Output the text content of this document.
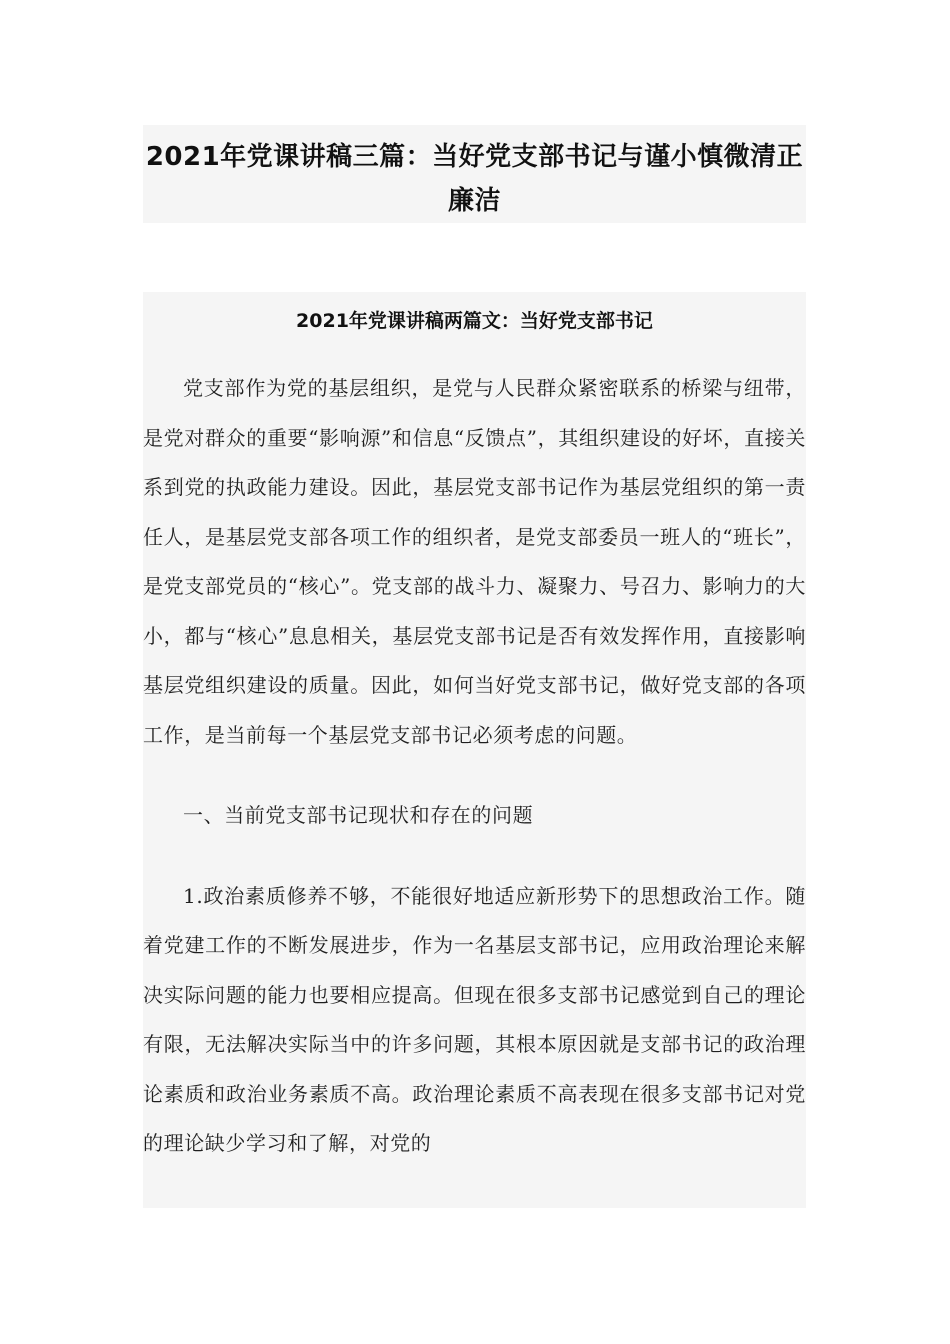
2021年党课讲稿三篇：当好党支部书记与谨小慎微清正廉洁
2021年党课讲稿两篇文：当好党支部书记

党支部作为党的基层组织，是党与人民群众紧密联系的桥梁与纽带，是党对群众的重要“影响源”和信息“反馈点”，其组织建设的好坏，直接关系到党的执政能力建设。因此，基层党支部书记作为基层党组织的第一责任人，是基层党支部各项工作的组织者，是党支部委员一班人的“班长”，是党支部党员的“核心”。党支部的战斗力、凝聚力、号召力、影响力的大小，都与“核心”息息相关，基层党支部书记是否有效发挥作用，直接影响基层党组织建设的质量。因此，如何当好党支部书记，做好党支部的各项工作，是当前每一个基层党支部书记必须考虑的问题。

一、当前党支部书记现状和存在的问题

1.政治素质修养不够，不能很好地适应新形势下的思想政治工作。随着党建工作的不断发展进步，作为一名基层支部书记，应用政治理论来解决实际问题的能力也要相应提高。但现在很多支部书记感觉到自己的理论有限，无法解决实际当中的许多问题，其根本原因就是支部书记的政治理论素质和政治业务素质不高。政治理论素质不高表现在很多支部书记对党的理论缺少学习和了解，对党的
